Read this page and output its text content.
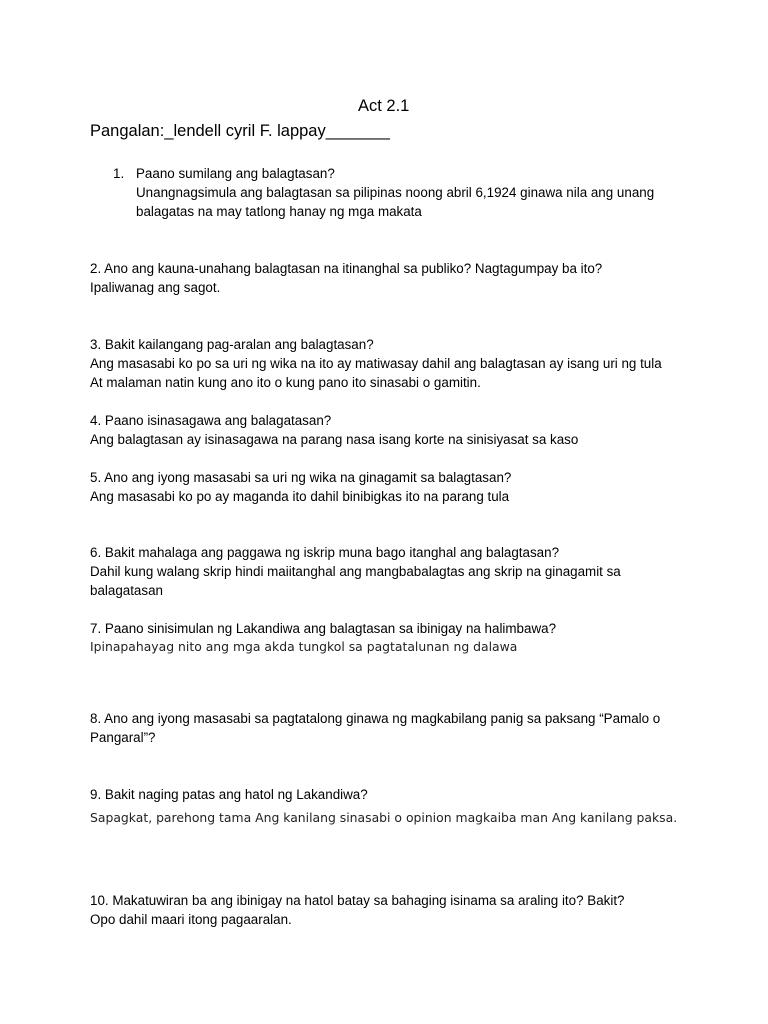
Act 2.1
Pangalan:_lendell cyril F. lappay_______
1. Paano sumilang ang balagtasan?
Unangnagsimula ang balagtasan sa pilipinas noong abril 6,1924 ginawa nila ang unang
balagatas na may tatlong hanay ng mga makata
2. Ano ang kauna-unahang balagtasan na itinanghal sa publiko? Nagtagumpay ba ito?
Ipaliwanag ang sagot.
3. Bakit kailangang pag-aralan ang balagtasan?
Ang masasabi ko po sa uri ng wika na ito ay matiwasay dahil ang balagtasan ay isang uri ng tula
At malaman natin kung ano ito o kung pano ito sinasabi o gamitin.
4. Paano isinasagawa ang balagatasan?
Ang balagtasan ay isinasagawa na parang nasa isang korte na sinisiyasat sa kaso
5. Ano ang iyong masasabi sa uri ng wika na ginagamit sa balagtasan?
Ang masasabi ko po ay maganda ito dahil binibigkas ito na parang tula
6. Bakit mahalaga ang paggawa ng iskrip muna bago itanghal ang balagtasan?
Dahil kung walang skrip hindi maiitanghal ang mangbabalagtas ang skrip na ginagamit sa
balagatasan
7. Paano sinisimulan ng Lakandiwa ang balagtasan sa ibinigay na halimbawa?
Ipinapahayag nito ang mga akda tungkol sa pagtatalunan ng dalawa
8. Ano ang iyong masasabi sa pagtatalong ginawa ng magkabilang panig sa paksang “Pamalo o
Pangaral”?
9. Bakit naging patas ang hatol ng Lakandiwa?
Sapagkat, parehong tama Ang kanilang sinasabi o opinion magkaiba man Ang kanilang paksa.
10. Makatuwiran ba ang ibinigay na hatol batay sa bahaging isinama sa araling ito? Bakit?
Opo dahil maari itong pagaaralan.
